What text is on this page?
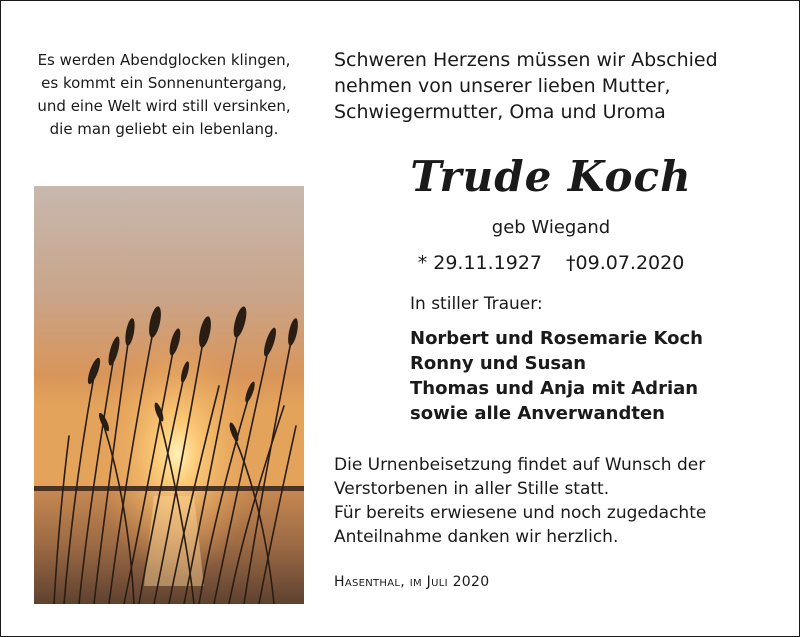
Es werden Abendglocken klingen,
es kommt ein Sonnenuntergang,
und eine Welt wird still versinken,
die man geliebt ein lebenlang.
Schweren Herzens müssen wir Abschied
nehmen von unserer lieben Mutter,
Schwiegermutter, Oma und Uroma
Trude Koch
geb Wiegand
* 29.11.1927 †09.07.2020
In stiller Trauer:
Norbert und Rosemarie Koch
Ronny und Susan
Thomas und Anja mit Adrian
sowie alle Anverwandten
Die Urnenbeisetzung findet auf Wunsch der
Verstorbenen in aller Stille statt.
Für bereits erwiesene und noch zugedachte
Anteilnahme danken wir herzlich.
Hasenthal, im Juli 2020
